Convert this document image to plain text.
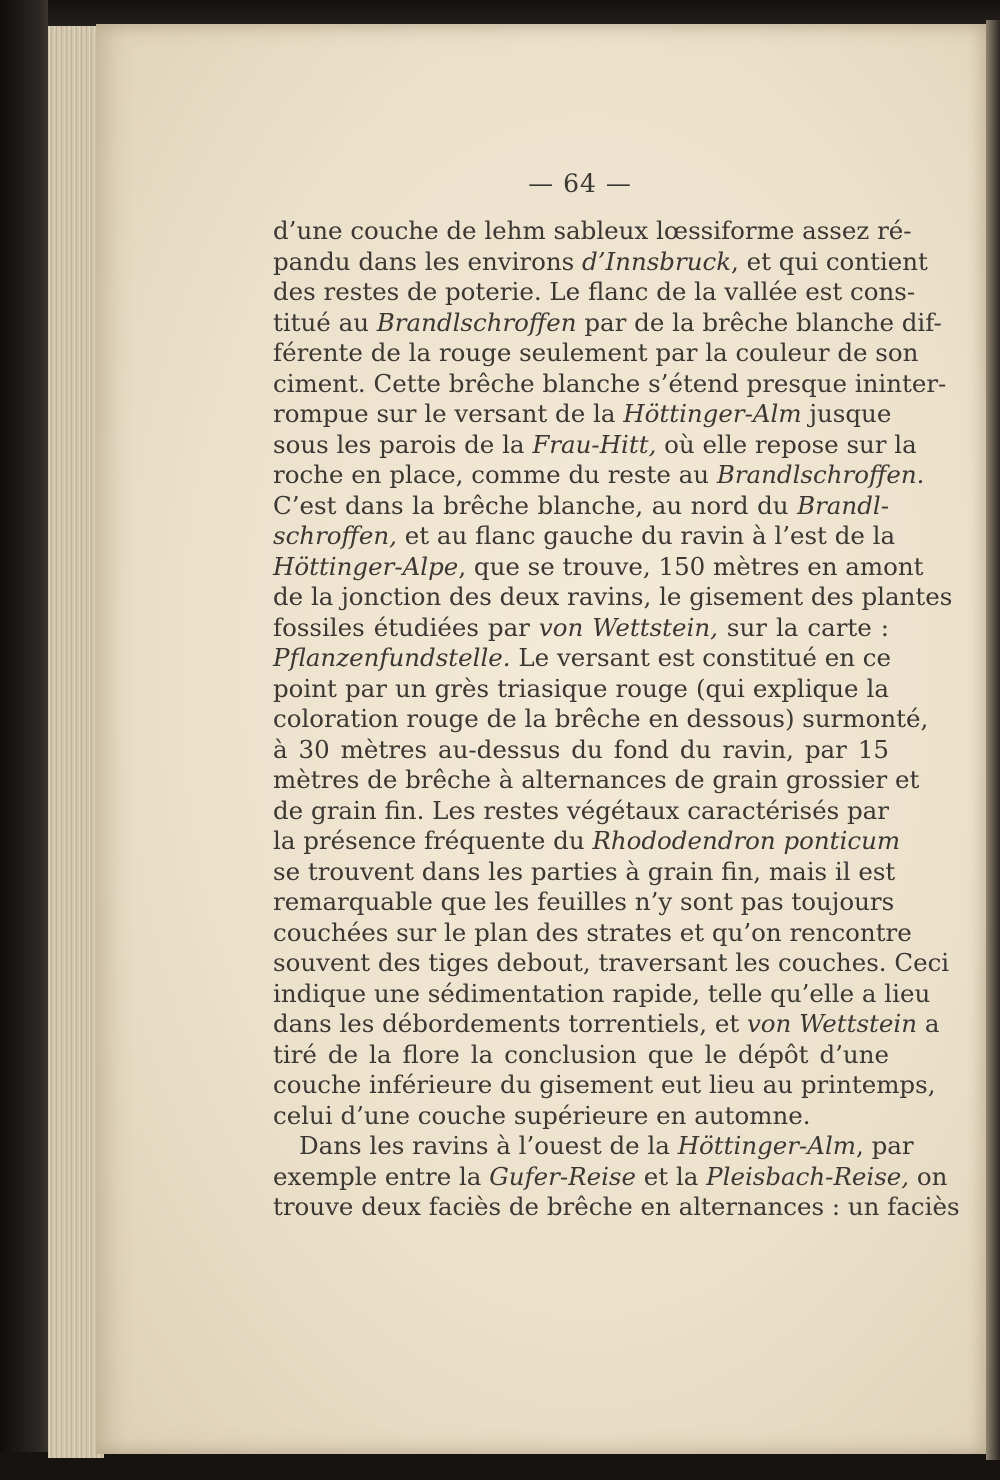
— 64 —
d’une couche de lehm sableux lœssiforme assez ré-
pandu dans les environs d’Innsbruck, et qui contient
des restes de poterie. Le flanc de la vallée est cons-
titué au Brandlschroffen par de la brêche blanche dif-
férente de la rouge seulement par la couleur de son
ciment. Cette brêche blanche s’étend presque ininter-
rompue sur le versant de la Höttinger-Alm jusque
sous les parois de la Frau-Hitt, où elle repose sur la
roche en place, comme du reste au Brandlschroffen.
C’est dans la brêche blanche, au nord du Brandl-
schroffen, et au flanc gauche du ravin à l’est de la
Höttinger-Alpe, que se trouve, 150 mètres en amont
de la jonction des deux ravins, le gisement des plantes
fossiles étudiées par von Wettstein, sur la carte :
Pflanzenfundstelle. Le versant est constitué en ce
point par un grès triasique rouge (qui explique la
coloration rouge de la brêche en dessous) surmonté,
à 30 mètres au-dessus du fond du ravin, par 15
mètres de brêche à alternances de grain grossier et
de grain fin. Les restes végétaux caractérisés par
la présence fréquente du Rhododendron ponticum
se trouvent dans les parties à grain fin, mais il est
remarquable que les feuilles n’y sont pas toujours
couchées sur le plan des strates et qu’on rencontre
souvent des tiges debout, traversant les couches. Ceci
indique une sédimentation rapide, telle qu’elle a lieu
dans les débordements torrentiels, et von Wettstein a
tiré de la flore la conclusion que le dépôt d’une
couche inférieure du gisement eut lieu au printemps,
celui d’une couche supérieure en automne.
Dans les ravins à l’ouest de la Höttinger-Alm, par
exemple entre la Gufer-Reise et la Pleisbach-Reise, on
trouve deux faciès de brêche en alternances : un faciès
